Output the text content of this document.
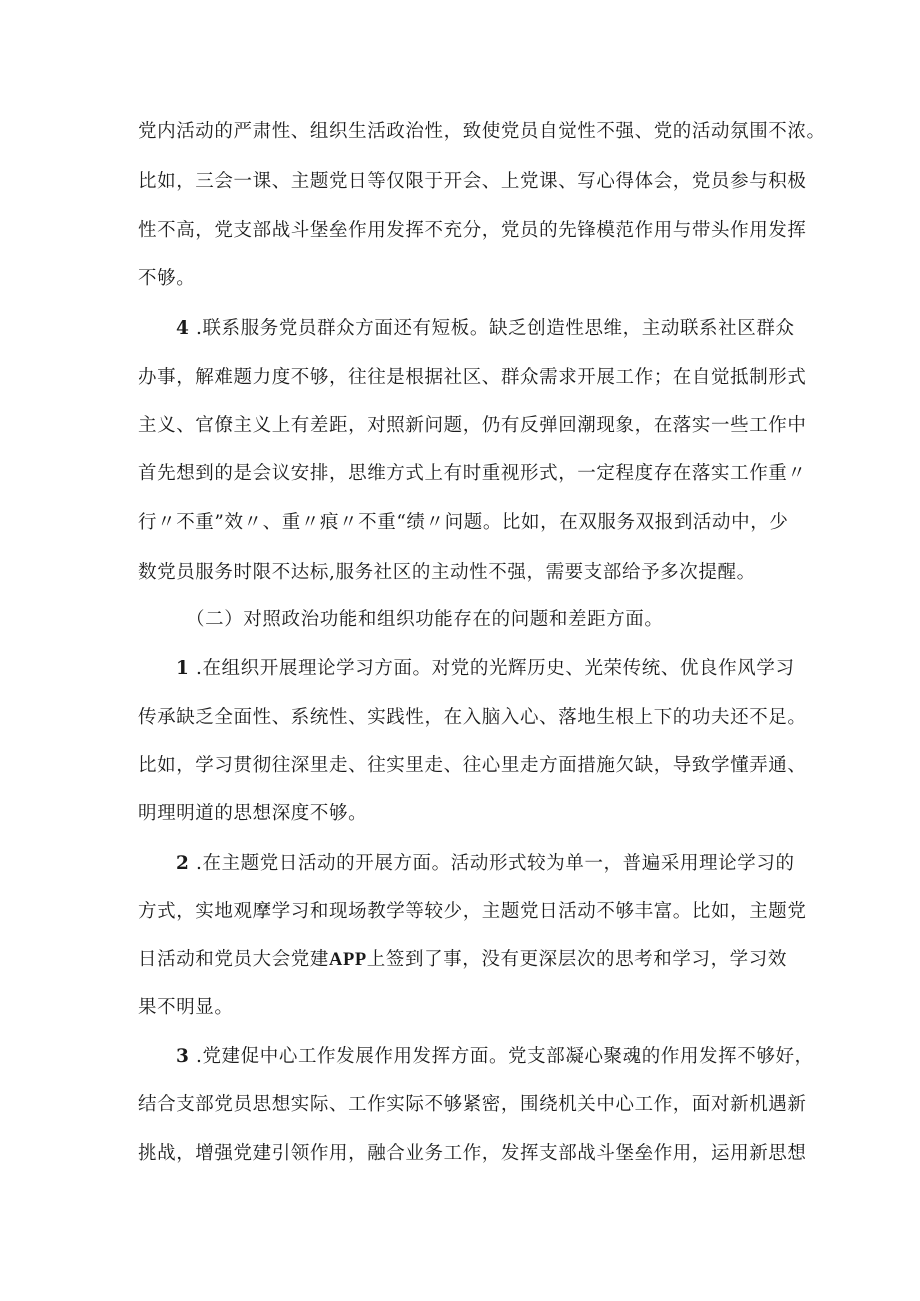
党内活动的严肃性、组织生活政治性，致使党员自觉性不强、党的活动氛围不浓。
比如，三会一课、主题党日等仅限于开会、上党课、写心得体会，党员参与积极
性不高，党支部战斗堡垒作用发挥不充分，党员的先锋模范作用与带头作用发挥
不够。
4 .联系服务党员群众方面还有短板。缺乏创造性思维，主动联系社区群众
办事，解难题力度不够，往往是根据社区、群众需求开展工作；在自觉抵制形式
主义、官僚主义上有差距，对照新问题，仍有反弹回潮现象，在落实一些工作中
首先想到的是会议安排，思维方式上有时重视形式，一定程度存在落实工作重〃
行〃不重”效〃、重〃痕〃不重“绩〃问题。比如，在双服务双报到活动中，少
数党员服务时限不达标,服务社区的主动性不强，需要支部给予多次提醒。
（二）对照政治功能和组织功能存在的问题和差距方面。
1 .在组织开展理论学习方面。对党的光辉历史、光荣传统、优良作风学习
传承缺乏全面性、系统性、实践性，在入脑入心、落地生根上下的功夫还不足。
比如，学习贯彻往深里走、往实里走、往心里走方面措施欠缺，导致学懂弄通、
明理明道的思想深度不够。
2 .在主题党日活动的开展方面。活动形式较为单一，普遍采用理论学习的
方式，实地观摩学习和现场教学等较少，主题党日活动不够丰富。比如，主题党
日活动和党员大会党建APP上签到了事，没有更深层次的思考和学习，学习效
果不明显。
3 .党建促中心工作发展作用发挥方面。党支部凝心聚魂的作用发挥不够好，
结合支部党员思想实际、工作实际不够紧密，围绕机关中心工作，面对新机遇新
挑战，增强党建引领作用，融合业务工作，发挥支部战斗堡垒作用，运用新思想
